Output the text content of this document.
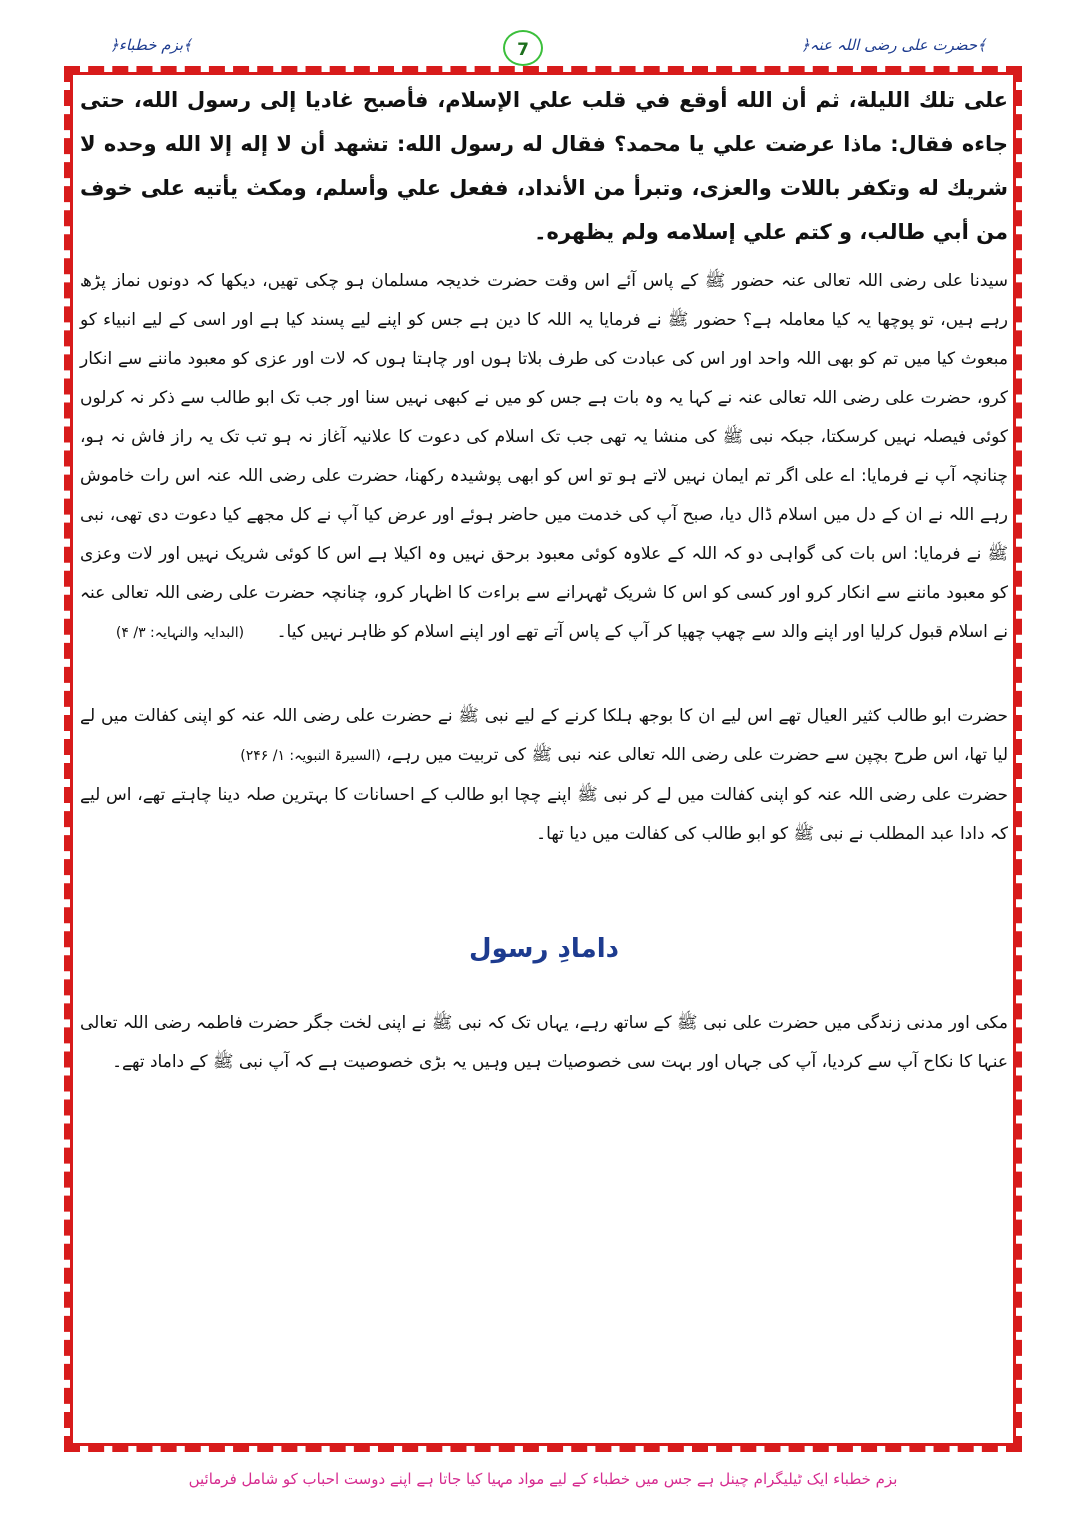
﴿حضرت علی رضی اللہ عنہ﴾
7
﴿بزم خطباء﴾

علی تلك الليلة، ثم أن الله أوقع في قلب علي الإسلام، فأصبح غاديا إلى رسول الله، حتى جاءه فقال: ماذا عرضت علي يا محمد؟ فقال له رسول الله: تشهد أن لا إله إلا الله وحده لا شريك له وتكفر باللات والعزى، وتبرأ من الأنداد، ففعل علي وأسلم، ومكث يأتيه على خوف من أبي طالب، و كتم علي إسلامه ولم يظهره۔

سیدنا علی رضی اللہ تعالی عنہ حضور ﷺ کے پاس آئے اس وقت حضرت خدیجہ مسلمان ہو چکی تھیں، دیکھا کہ دونوں نماز پڑھ رہے ہیں، تو پوچھا یہ کیا معاملہ ہے؟ حضور ﷺ نے فرمایا یہ اللہ کا دین ہے جس کو اپنے لیے پسند کیا ہے اور اسی کے لیے انبیاء کو مبعوث کیا میں تم کو بھی اللہ واحد اور اس کی عبادت کی طرف بلاتا ہوں اور چاہتا ہوں کہ لات اور عزی کو معبود ماننے سے انکار کرو، حضرت علی رضی اللہ تعالی عنہ نے کہا یہ وہ بات ہے جس کو میں نے کبھی نہیں سنا اور جب تک ابو طالب سے ذکر نہ کرلوں کوئی فیصلہ نہیں کرسکتا، جبکہ نبی ﷺ کی منشا یہ تھی جب تک اسلام کی دعوت کا علانیہ آغاز نہ ہو تب تک یہ راز فاش نہ ہو، چنانچہ آپ نے فرمایا: اے علی اگر تم ایمان نہیں لاتے ہو تو اس کو ابھی پوشیدہ رکھنا، حضرت علی رضی اللہ عنہ اس رات خاموش رہے اللہ نے ان کے دل میں اسلام ڈال دیا، صبح آپ کی خدمت میں حاضر ہوئے اور عرض کیا آپ نے کل مجھے کیا دعوت دی تھی، نبی ﷺ نے فرمایا: اس بات کی گواہی دو کہ اللہ کے علاوہ کوئی معبود برحق نہیں وہ اکیلا ہے اس کا کوئی شریک نہیں اور لات وعزی کو معبود ماننے سے انکار کرو اور کسی کو اس کا شریک ٹھہرانے سے براءت کا اظہار کرو، چنانچہ حضرت علی رضی اللہ تعالی عنہ نے اسلام قبول کرلیا اور اپنے والد سے چھپ چھپا کر آپ کے پاس آتے تھے اور اپنے اسلام کو ظاہر نہیں کیا۔      (البدایہ والنہایہ: ۳/ ۴)

حضرت ابو طالب کثیر العیال تھے اس لیے ان کا بوجھ ہلکا کرنے کے لیے نبی ﷺ نے حضرت علی رضی اللہ عنہ کو اپنی کفالت میں لے لیا تھا، اس طرح بچپن سے حضرت علی رضی اللہ تعالی عنہ نبی ﷺ کی تربیت میں رہے، (السیرۃ النبویہ: ۱/ ۲۴۶)

حضرت علی رضی اللہ عنہ کو اپنی کفالت میں لے کر نبی ﷺ اپنے چچا ابو طالب کے احسانات کا بہترین صلہ دینا چاہتے تھے، اس لیے کہ دادا عبد المطلب نے نبی ﷺ کو ابو طالب کی کفالت میں دیا تھا۔

دامادِ رسول

مکی اور مدنی زندگی میں حضرت علی نبی ﷺ کے ساتھ رہے، یہاں تک کہ نبی ﷺ نے اپنی لخت جگر حضرت فاطمہ رضی اللہ تعالی عنہا کا نکاح آپ سے کردیا، آپ کی جہاں اور بہت سی خصوصیات ہیں وہیں یہ بڑی خصوصیت ہے کہ آپ نبی ﷺ کے داماد تھے۔

بزم خطباء ایک ٹیلیگرام چینل ہے جس میں خطباء کے لیے مواد مہیا کیا جاتا ہے اپنے دوست احباب کو شامل فرمائیں
